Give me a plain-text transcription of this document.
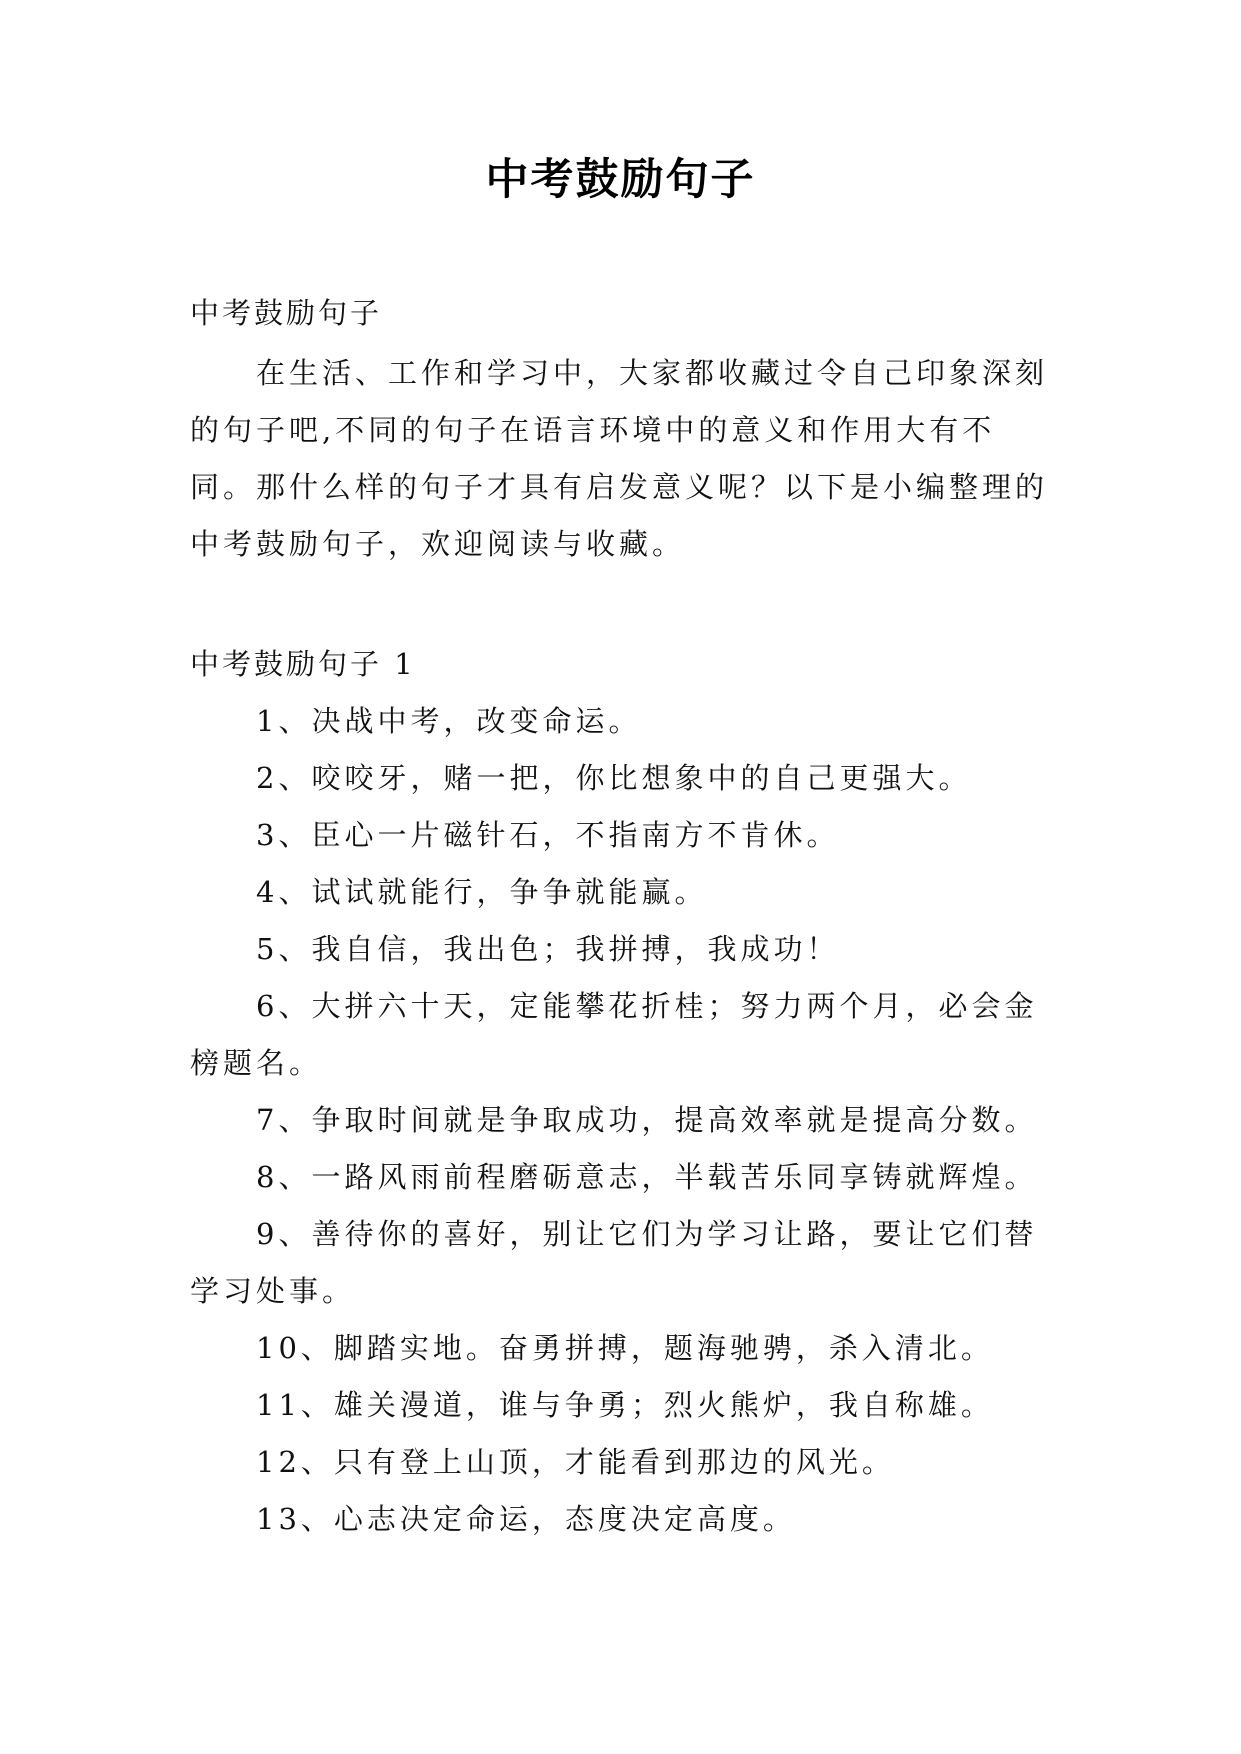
中考鼓励句子
中考鼓励句子

在生活、工作和学习中，大家都收藏过令自己印象深刻的句子吧,不同的句子在语言环境中的意义和作用大有不同。那什么样的句子才具有启发意义呢？以下是小编整理的中考鼓励句子，欢迎阅读与收藏。

中考鼓励句子 1
1、决战中考，改变命运。
2、咬咬牙，赌一把，你比想象中的自己更强大。
3、臣心一片磁针石，不指南方不肯休。
4、试试就能行，争争就能赢。
5、我自信，我出色；我拼搏，我成功！
6、大拼六十天，定能攀花折桂；努力两个月，必会金榜题名。
7、争取时间就是争取成功，提高效率就是提高分数。
8、一路风雨前程磨砺意志，半载苦乐同享铸就辉煌。
9、善待你的喜好，别让它们为学习让路，要让它们替学习处事。
10、脚踏实地。奋勇拼搏，题海驰骋，杀入清北。
11、雄关漫道，谁与争勇；烈火熊炉，我自称雄。
12、只有登上山顶，才能看到那边的风光。
13、心志决定命运，态度决定高度。
